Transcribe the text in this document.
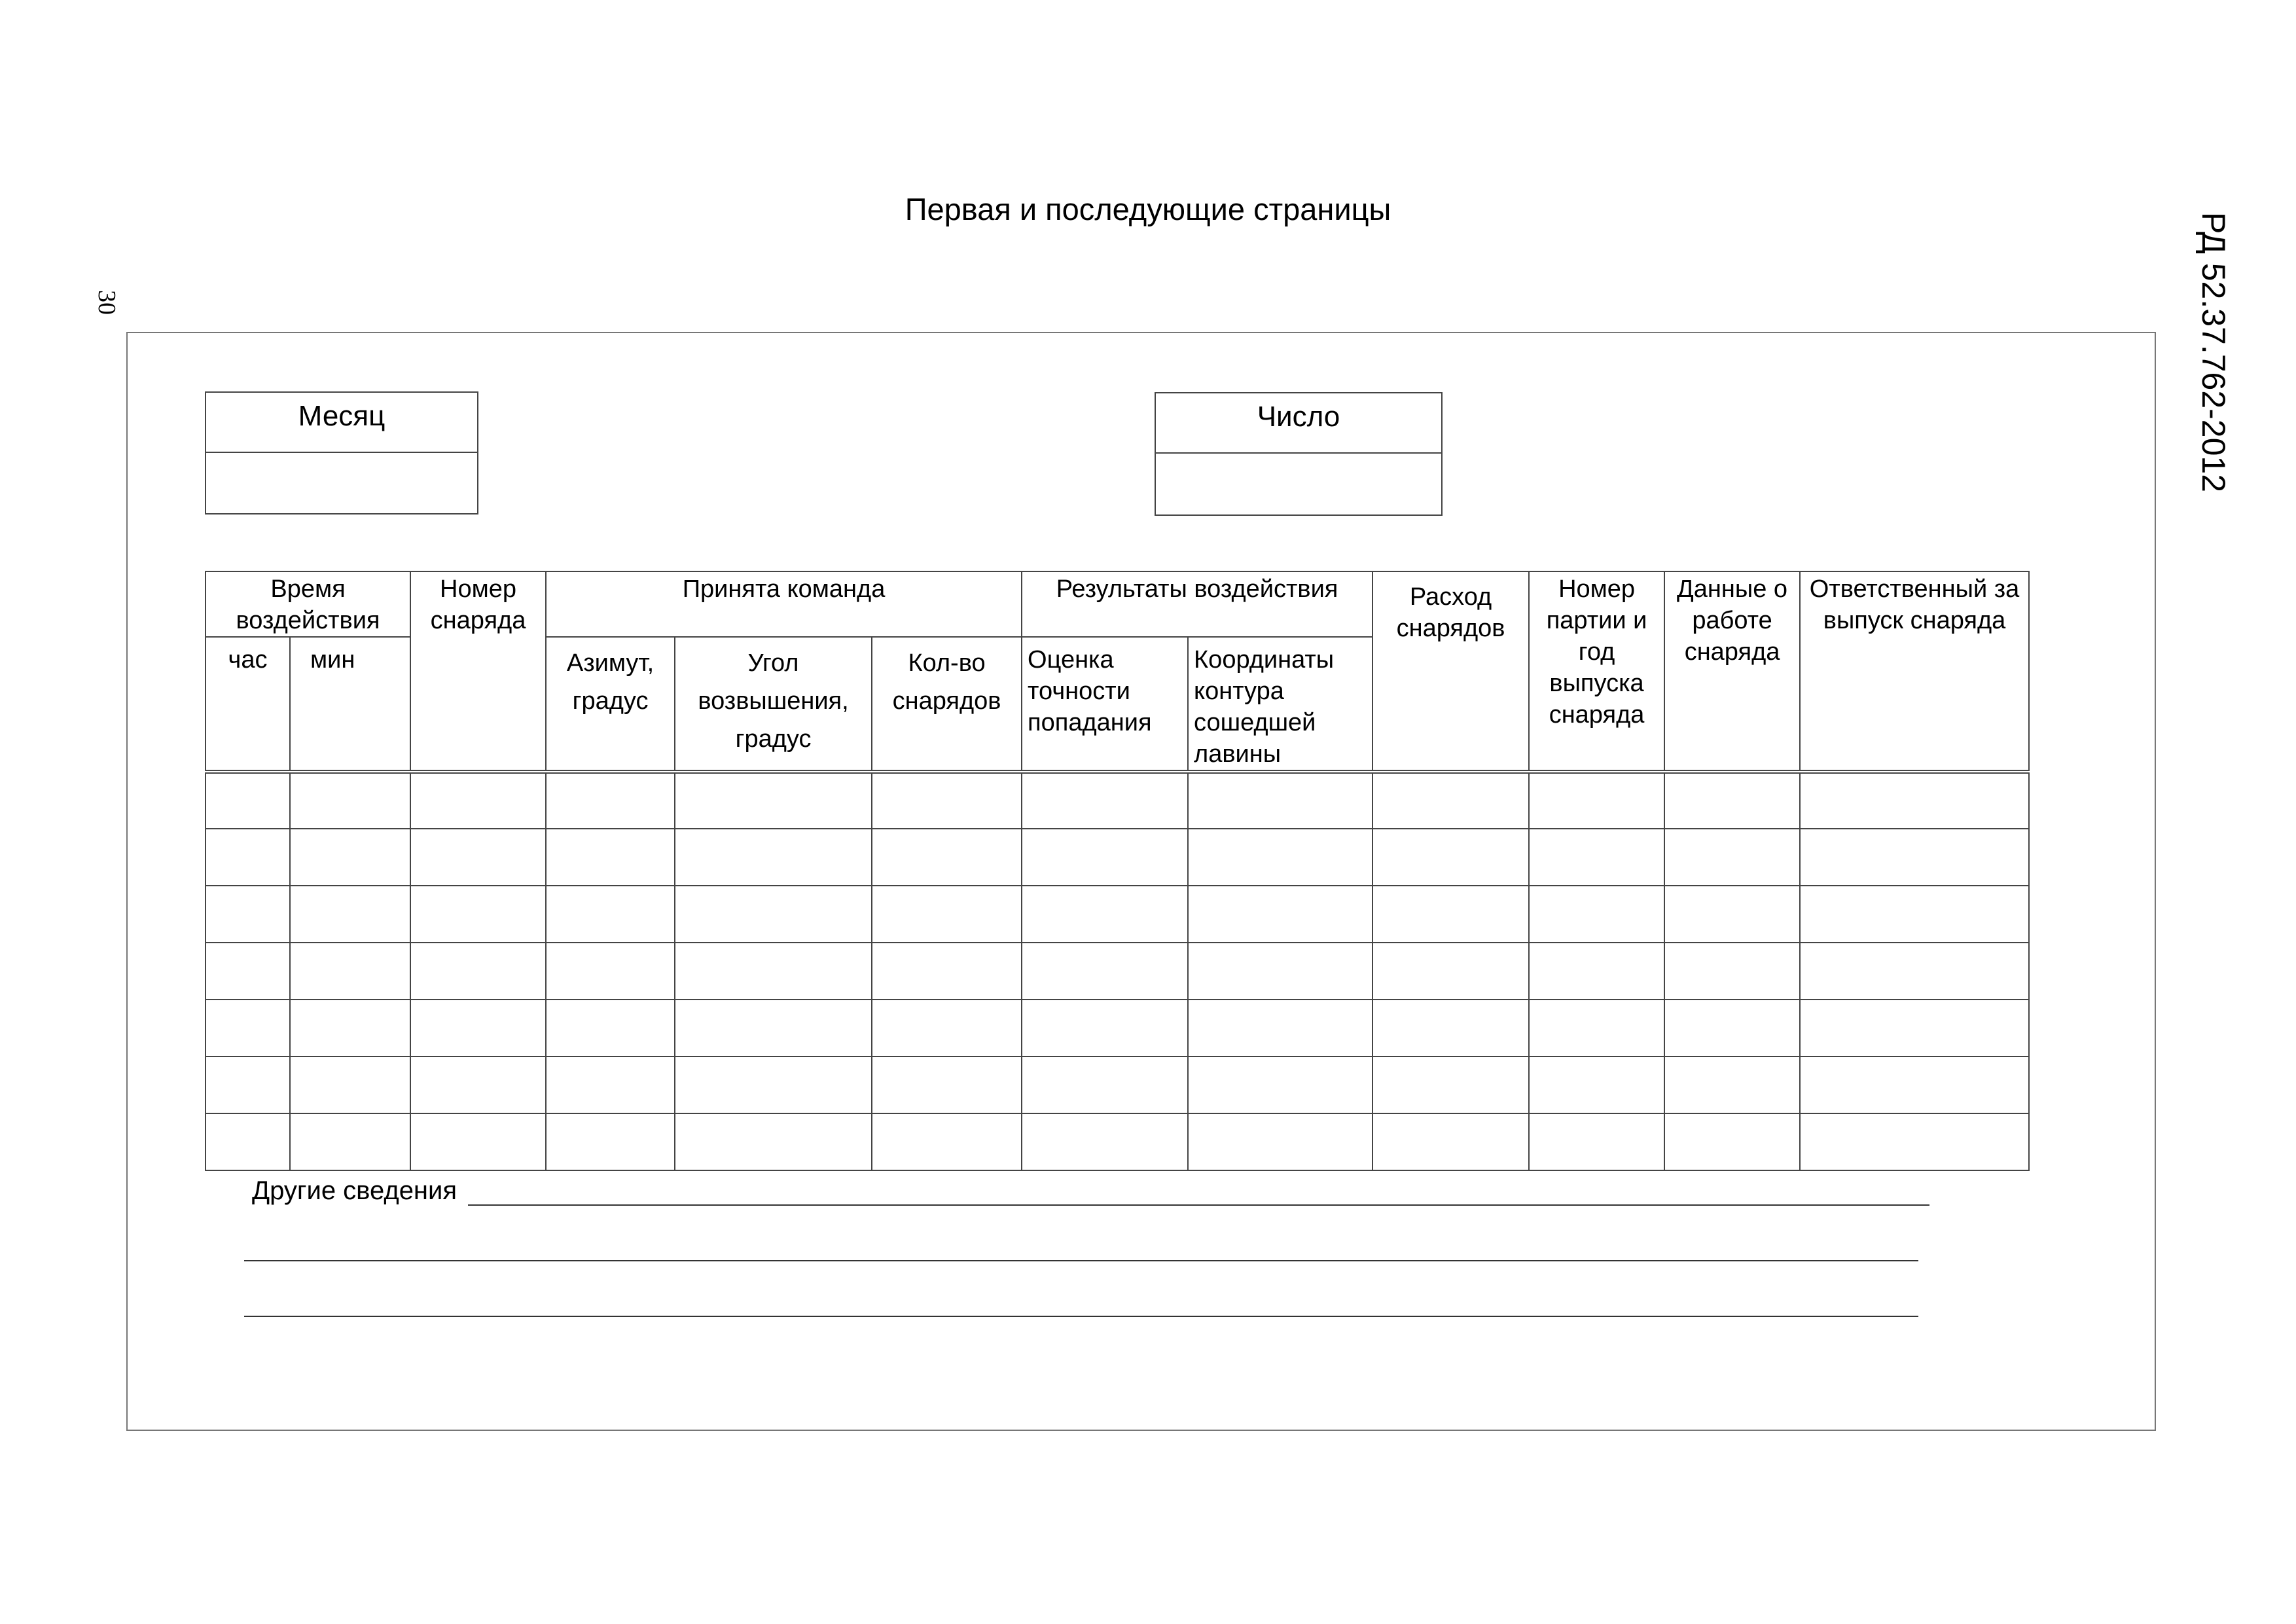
Первая и последующие страницы
30	РД 52.37.762-2012
Месяц	Число
Время воздействия		Номер снаряда	Принята команда			Результаты воздействия		Расход снарядов	Номер партии и год выпуска снаряда	Данные о работе снаряда	Ответственный за выпуск снаряда
час	мин		Азимут, градус	Угол возвышения, градус	Кол-во снарядов	Оценка точности попадания	Координаты контура сошедшей лавины				

Другие сведения
